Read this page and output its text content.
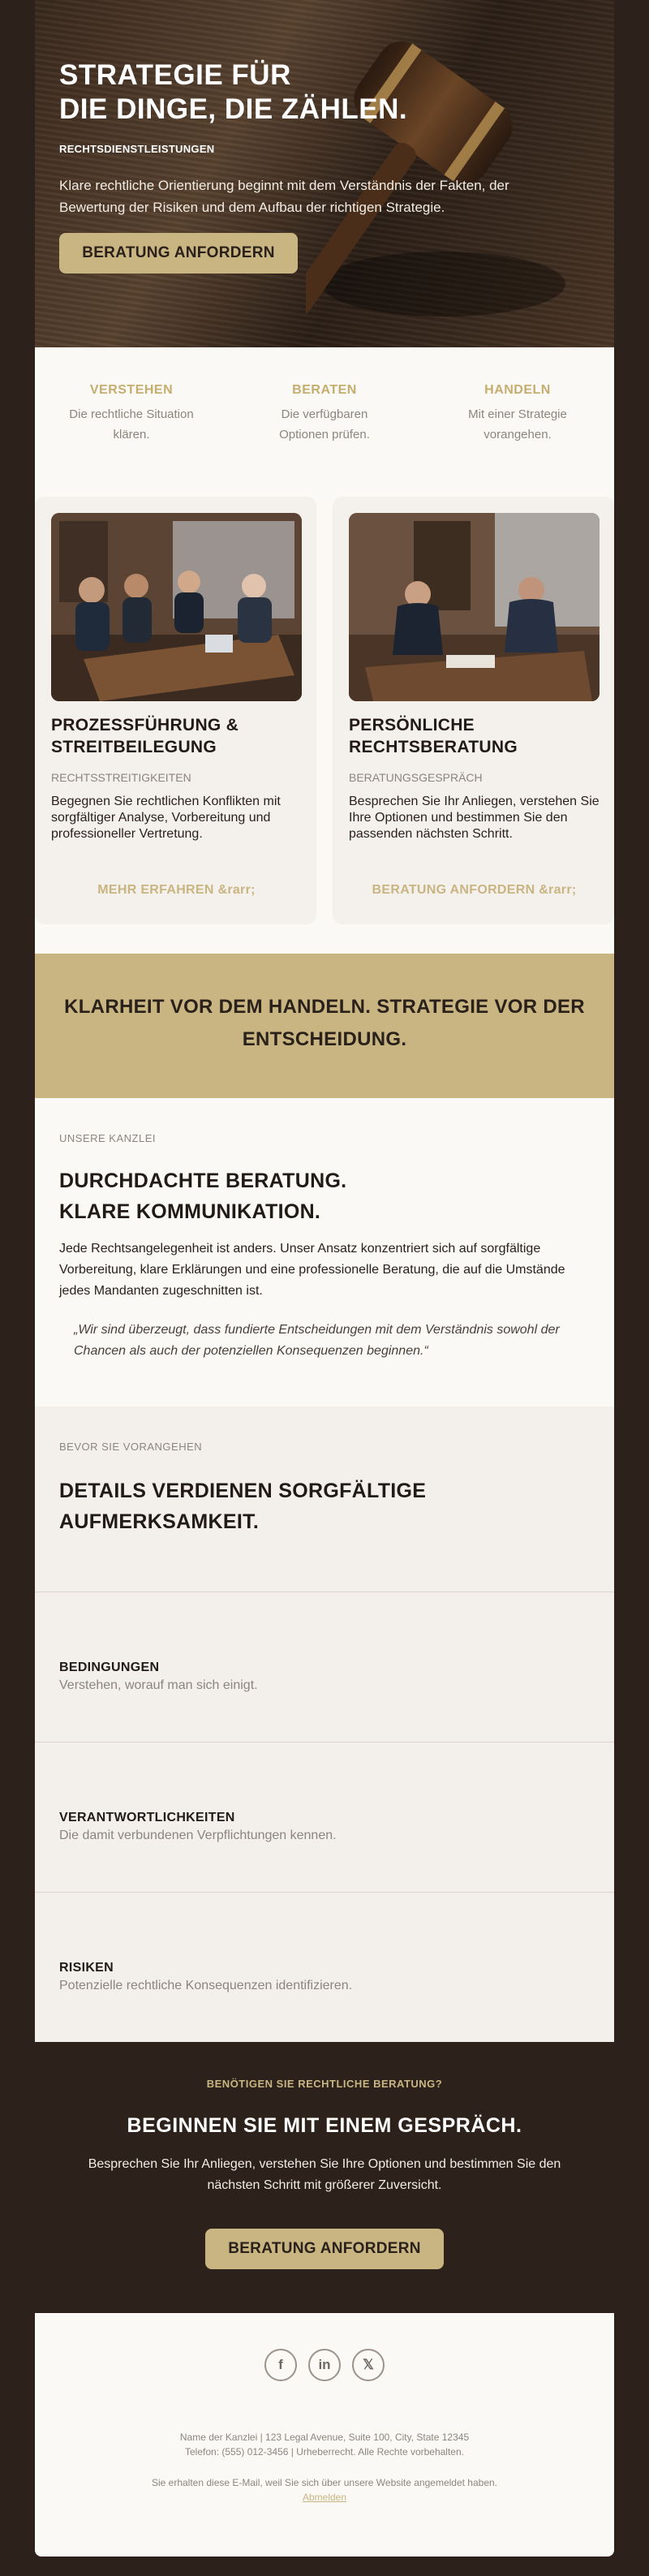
STRATEGIE FÜR
DIE DINGE, DIE ZÄHLEN.
RECHTSDIENSTLEISTUNGEN

Klare rechtliche Orientierung beginnt mit dem Verständnis der Fakten, der Bewertung der Risiken und dem Aufbau der richtigen Strategie.

BERATUNG ANFORDERN
VERSTEHEN
Die rechtliche Situation
klären.
BERATEN
Die verfügbaren
Optionen prüfen.
HANDELN
Mit einer Strategie
vorangehen.
PROZESSFÜHRUNG &
STREITBEILEGUNG
RECHTSSTREITIGKEITEN
Begegnen Sie rechtlichen Konflikten mit sorgfältiger Analyse, Vorbereitung und professioneller Vertretung.
MEHR ERFAHREN &rarr;
PERSÖNLICHE
RECHTSBERATUNG
BERATUNGSGESPRÄCH
Besprechen Sie Ihr Anliegen, verstehen Sie Ihre Optionen und bestimmen Sie den passenden nächsten Schritt.
BERATUNG ANFORDERN &rarr;
KLARHEIT VOR DEM HANDELN. STRATEGIE VOR DER
ENTSCHEIDUNG.
UNSERE KANZLEI
DURCHDACHTE BERATUNG.
KLARE KOMMUNIKATION.

Jede Rechtsangelegenheit ist anders. Unser Ansatz konzentriert sich auf sorgfältige Vorbereitung, klare Erklärungen und eine professionelle Beratung, die auf die Umstände jedes Mandanten zugeschnitten ist.

„Wir sind überzeugt, dass fundierte Entscheidungen mit dem Verständnis sowohl der Chancen als auch der potenziellen Konsequenzen beginnen.“
BEVOR SIE VORANGEHEN
DETAILS VERDIENEN SORGFÄLTIGE
AUFMERKSAMKEIT.
BEDINGUNGEN
Verstehen, worauf man sich einigt.
VERANTWORTLICHKEITEN
Die damit verbundenen Verpflichtungen kennen.
RISIKEN
Potenzielle rechtliche Konsequenzen identifizieren.
BENÖTIGEN SIE RECHTLICHE BERATUNG?
BEGINNEN SIE MIT EINEM GESPRÄCH.

Besprechen Sie Ihr Anliegen, verstehen Sie Ihre Optionen und bestimmen Sie den
nächsten Schritt mit größerer Zuversicht.

BERATUNG ANFORDERN
f	in	𝕏
Name der Kanzlei | 123 Legal Avenue, Suite 100, City, State 12345
Telefon: (555) 012-3456 | Urheberrecht. Alle Rechte vorbehalten.
Sie erhalten diese E-Mail, weil Sie sich über unsere Website angemeldet haben.
Abmelden
